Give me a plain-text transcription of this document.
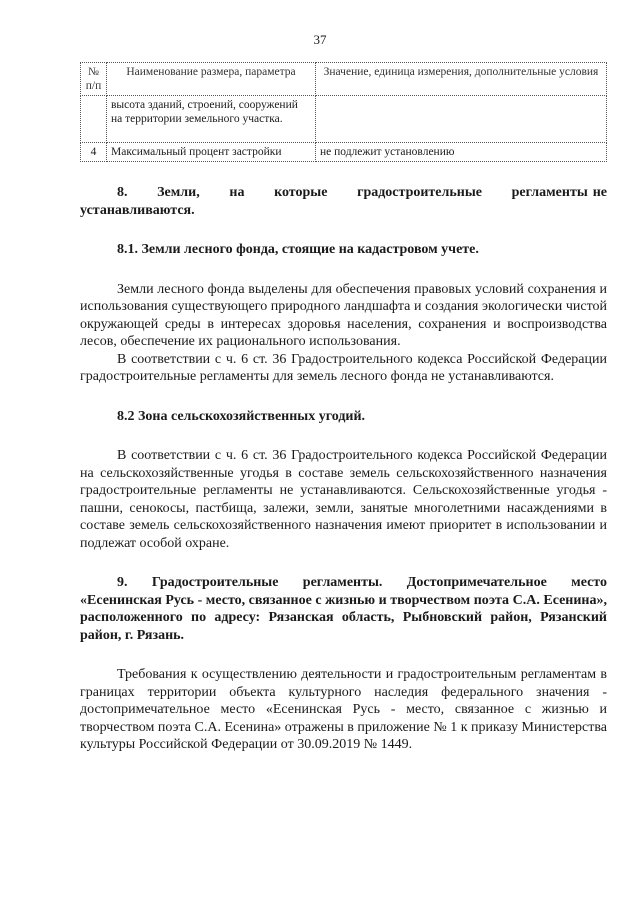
37
№ п/п	Наименование размера, параметра	Значение, единица измерения, дополнительные условия
	высота зданий, строений, сооружений на территории земельного участка.	
4	Максимальный процент застройки	не подлежит установлению

8.      Земли,      на      которые      градостроительные      регламенты не устанавливаются.

8.1. Земли лесного фонда, стоящие на кадастровом учете.

Земли лесного фонда выделены для обеспечения правовых условий сохранения и использования существующего природного ландшафта и создания экологически чистой окружающей среды в интересах здоровья населения, сохранения и воспроизводства лесов, обеспечение их рационального использования.

В соответствии с ч. 6 ст. 36 Градостроительного кодекса Российской Федерации градостроительные регламенты для земель лесного фонда не устанавливаются.

8.2 Зона сельскохозяйственных угодий.

В соответствии с ч. 6 ст. 36 Градостроительного кодекса Российской Федерации на сельскохозяйственные угодья в составе земель сельскохозяйственного назначения градостроительные регламенты не устанавливаются. Сельскохозяйственные угодья - пашни, сенокосы, пастбища, залежи, земли, занятые многолетними насаждениями в составе земель сельскохозяйственного назначения имеют приоритет в использовании и подлежат особой охране.

9. Градостроительные регламенты. Достопримечательное место «Есенинская Русь - место, связанное с жизнью и творчеством поэта С.А. Есенина», расположенного по адресу: Рязанская область, Рыбновский район, Рязанский район, г. Рязань.

Требования к осуществлению деятельности и градостроительным регламентам в границах территории объекта культурного наследия федерального значения - достопримечательное место «Есенинская Русь - место, связанное с жизнью и творчеством поэта С.А. Есенина» отражены в приложение № 1 к приказу Министерства культуры Российской Федерации от 30.09.2019 № 1449.
